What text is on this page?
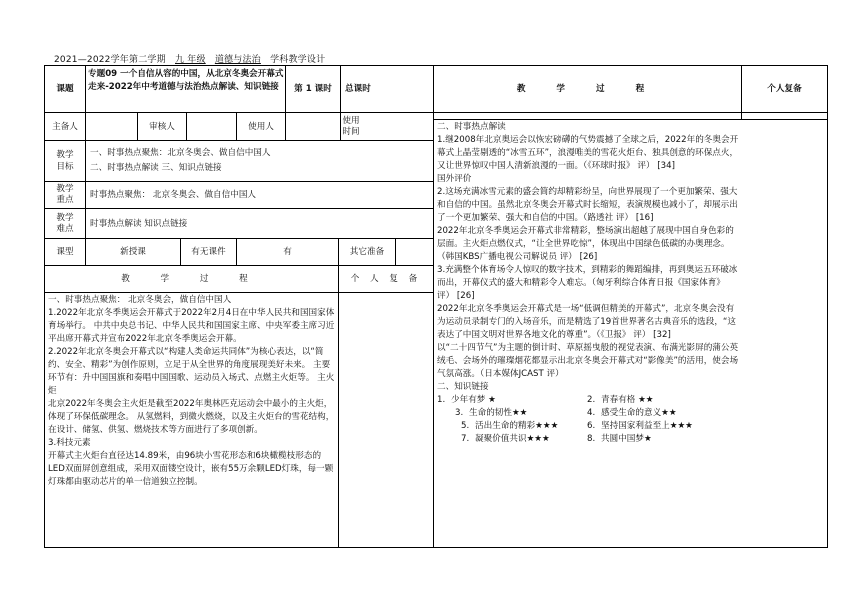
2021—2022学年第二学期 九 年级 道德与法治 学科教学设计
课题
专题09 一个自信从容的中国，从北京冬奥会开幕式走来-2022年中考道德与法治热点解读、知识链接	第 1 课时	总课时	教 学 过 程	个人复备
主备人	审核人	使用人
使用时间
教学目标
一、时事热点聚焦：北京冬奥会、做自信中国人
二、时事热点解读 三、知识点链接
教学重点	时事热点聚焦： 北京冬奥会、做自信中国人
教学难点	时事热点解读 知识点链接
课型	新授课	有无课件	有	其它准备
教 学 过 程	个 人 复 备

一、时事热点聚焦： 北京冬奥会，做自信中国人

1.2022年北京冬季奥运会开幕式于2022年2月4日在中华人民共和国国家体育场举行。 中共中央总书记、中华人民共和国国家主席、中央军委主席习近平出席开幕式并宣布2022年北京冬季奥运会开幕。

2.2022年北京冬奥会开幕式以“构建人类命运共同体”为核心表达，以“简约、安全、精彩”为创作原则，立足于从全世界的角度展现美好未来。 主要环节有：升中国国旗和奏唱中国国歌、运动员入场式、点燃主火炬等。 主火炬

北京2022年冬奥会主火炬是截至2022年奥林匹克运动会中最小的主火炬，体现了环保低碳理念。 从氢燃料，到微火燃烧，以及主火炬台的雪花结构，在设计、储氢、供氢、燃烧技术等方面进行了多项创新。

3.科技元素

开幕式主火炬台直径达14.89米，由96块小雪花形态和6块橄榄枝形态的LED双面屏创意组成，采用双面镂空设计，嵌有55万余颗LED灯珠，每一颗灯珠都由驱动芯片的单一信道独立控制。

二、时事热点解读

1.继2008年北京奥运会以恢宏磅礴的气势震撼了全球之后，2022年的冬奥会开幕式上晶莹剔透的“冰雪五环”，浪漫唯美的雪花火炬台、独具创意的环保点火，又让世界惊叹中国人清新浪漫的一面。（《环球时报》 评） [34]

国外评价

2.这场充满冰雪元素的盛会简约却精彩纷呈，向世界展现了一个更加繁荣、强大和自信的中国。虽然北京冬奥会开幕式时长缩短，表演规模也减小了，却展示出了一个更加繁荣、强大和自信的中国。（路透社 评） [16]

2022年北京冬季奥运会开幕式非常精彩，整场演出超越了展现中国自身色彩的层面。主火炬点燃仪式，“让全世界吃惊”，体现出中国绿色低碳的办奥理念。（韩国KBS广播电视公司解说员 评） [26]

3.充满整个体育场令人惊叹的数字技术，到精彩的舞蹈编排，再到奥运五环破冰而出，开幕仪式的盛大和精彩令人难忘。（匈牙利综合体育日报《国家体育》 评） [26]

2022年北京冬季奥运会开幕式是一场“低调但精美的开幕式”，北京冬奥会没有为运动员录制专门的入场音乐，而是精选了19首世界著名古典音乐的选段，“这表达了中国文明对世界各地文化的尊重”。（《卫报》 评） [32]

以“二十四节气”为主题的倒计时、草原摇曳般的视觉表演、布满光影屏的蒲公英绒毛、会场外的璀璨烟花都显示出北京冬奥会开幕式对“影像美”的活用，使会场气氛高涨。（日本媒体JCAST 评）

二、知识链接

1. 少年有梦 ★	2. 青春有格 ★★
3. 生命的韧性★★	4. 感受生命的意义★★
5. 活出生命的精彩★★★	6. 坚持国家利益至上★★★
7. 凝聚价值共识★★★	8. 共圆中国梦★
